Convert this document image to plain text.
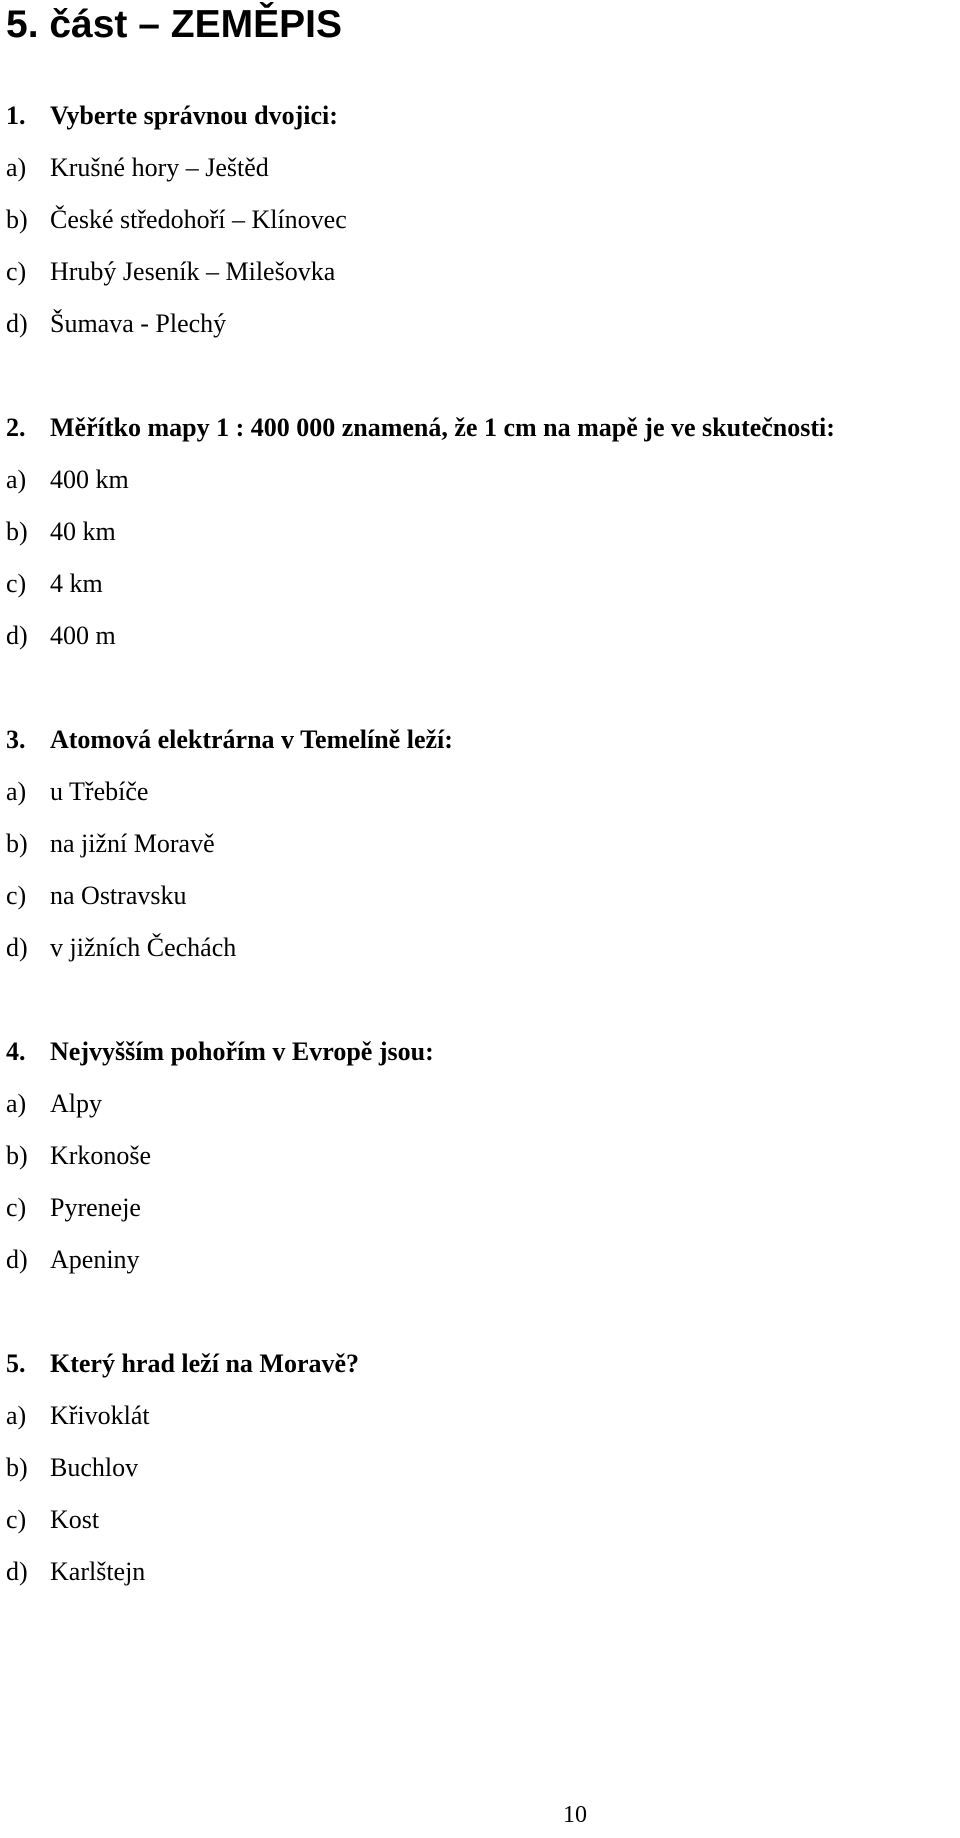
5. část – ZEMĚPIS
1. Vyberte správnou dvojici:
a) Krušné hory – Ještěd
b) České středohoří – Klínovec
c) Hrubý Jeseník – Milešovka
d) Šumava - Plechý
2. Měřítko mapy 1 : 400 000 znamená, že 1 cm na mapě je ve skutečnosti:
a) 400 km
b) 40 km
c) 4 km
d) 400 m
3. Atomová elektrárna v Temelíně leží:
a) u Třebíče
b) na jižní Moravě
c) na Ostravsku
d) v jižních Čechách
4. Nejvyšším pohořím v Evropě jsou:
a) Alpy
b) Krkonoše
c) Pyreneje
d) Apeniny
5. Který hrad leží na Moravě?
a) Křivoklát
b) Buchlov
c) Kost
d) Karlštejn
10
